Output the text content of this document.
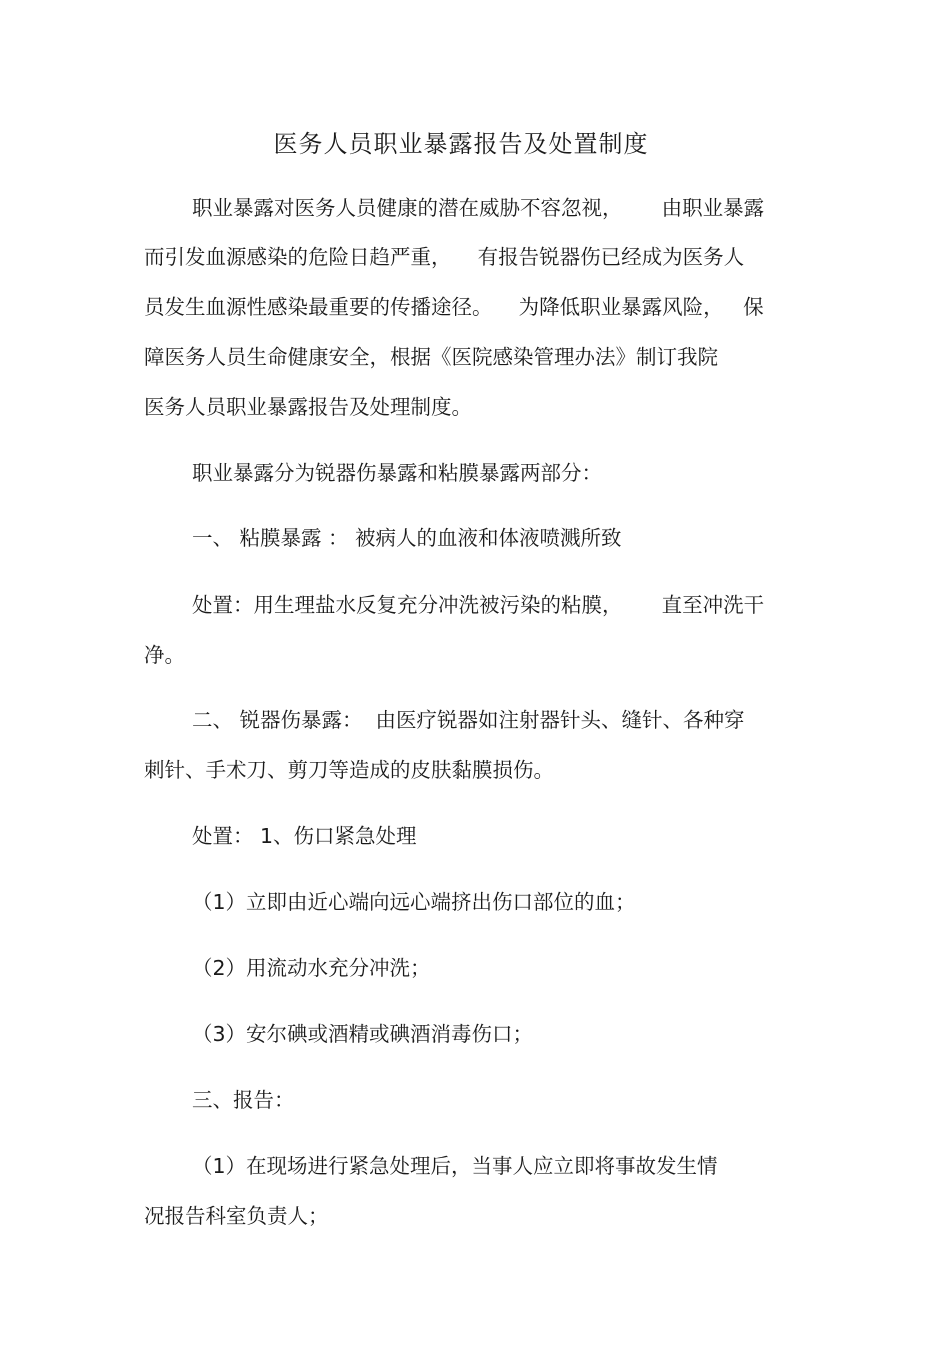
医务人员职业暴露报告及处置制度
职业暴露对医务人员健康的潜在威胁不容忽视，      由职业暴露
而引发血源感染的危险日趋严重，    有报告锐器伤已经成为医务人
员发生血源性感染最重要的传播途径。    为降低职业暴露风险，   保
障医务人员生命健康安全，根据《医院感染管理办法》制订我院
医务人员职业暴露报告及处理制度。
职业暴露分为锐器伤暴露和粘膜暴露两部分：
一、 粘膜暴露 ： 被病人的血液和体液喷溅所致
处置：用生理盐水反复充分冲洗被污染的粘膜，      直至冲洗干
净。
二、 锐器伤暴露：  由医疗锐器如注射器针头、缝针、各种穿
刺针、手术刀、剪刀等造成的皮肤黏膜损伤。
处置： 1、伤口紧急处理
（1）立即由近心端向远心端挤出伤口部位的血；
（2）用流动水充分冲洗；
（3）安尔碘或酒精或碘酒消毒伤口；
三、报告：
（1）在现场进行紧急处理后，当事人应立即将事故发生情
况报告科室负责人；
